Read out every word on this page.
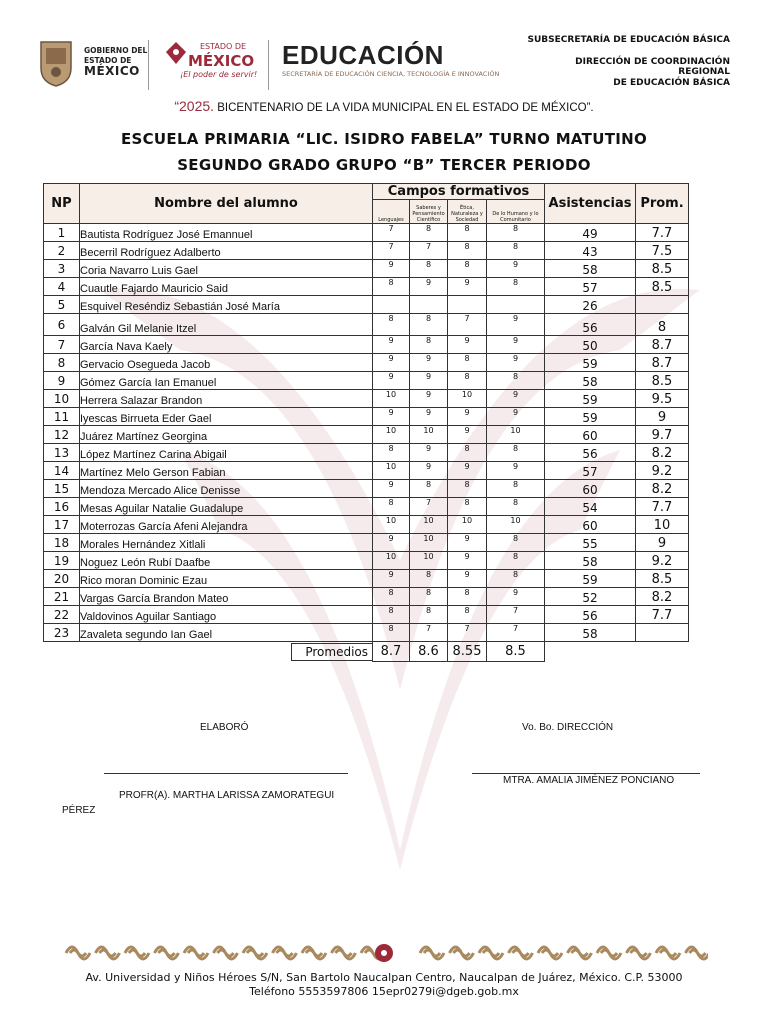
GOBIERNO DEL
ESTADO DE
MÉXICO
ESTADO DE
MÉXICO
¡El poder de servir!
EDUCACIÓN
SECRETARÍA DE EDUCACIÓN CIENCIA, TECNOLOGÍA E INNOVACIÓN
SUBSECRETARÍA DE EDUCACIÓN BÁSICA
DIRECCIÓN DE COORDINACIÓN
REGIONAL
DE EDUCACIÓN BÁSICA
“2025. BICENTENARIO DE LA VIDA MUNICIPAL EN EL ESTADO DE MÉXICO”.
ESCUELA PRIMARIA “LIC. ISIDRO FABELA” TURNO MATUTINO
SEGUNDO GRADO GRUPO “B” TERCER PERIODO
NP	Nombre del alumno	Campos formativos				Asistencias	Prom.
		Lenguajes	Saberes y Pensamiento Científico	Ética, Naturaleza y Sociedad	De lo Humano y lo Comunitario		
1	Bautista Rodríguez José Emannuel	7	8	8	8	49	7.7
2	Becerril Rodríguez Adalberto	7	7	8	8	43	7.5
3	Coria Navarro Luis Gael	9	8	8	9	58	8.5
4	Cuautle Fajardo Mauricio Said	8	9	9	8	57	8.5
5	Esquivel Reséndiz Sebastián José María					26	
6	Galván Gil Melanie Itzel	8	8	7	9	56	8
7	García Nava Kaely	9	8	9	9	50	8.7
8	Gervacio Osegueda Jacob	9	9	8	9	59	8.7
9	Gómez García Ian Emanuel	9	9	8	8	58	8.5
10	Herrera Salazar Brandon	10	9	10	9	59	9.5
11	Iyescas Birrueta Eder Gael	9	9	9	9	59	9
12	Juárez Martínez Georgina	10	10	9	10	60	9.7
13	López Martínez Carina Abigail	8	9	8	8	56	8.2
14	Martínez Melo Gerson Fabian	10	9	9	9	57	9.2
15	Mendoza Mercado Alice Denisse	9	8	8	8	60	8.2
16	Mesas Aguilar Natalie Guadalupe	8	7	8	8	54	7.7
17	Moterrozas García Afeni Alejandra	10	10	10	10	60	10
18	Morales Hernández Xitlali	9	10	9	8	55	9
19	Noguez León Rubí Daafbe	10	10	9	8	58	9.2
20	Rico moran Dominic Ezau	9	8	9	8	59	8.5
21	Vargas García Brandon Mateo	8	8	8	9	52	8.2
22	Valdovinos Aguilar Santiago	8	8	8	7	56	7.7
23	Zavaleta segundo Ian Gael	8	7	7	7	58	
	Promedios	8.7	8.6	8.55	8.5		
ELABORÓ	Vo. Bo. DIRECCIÓN
PROFR(A). MARTHA LARISSA ZAMORATEGUI
PÉREZ
MTRA. AMALIA JIMÉNEZ PONCIANO
Av. Universidad y Niños Héroes S/N, San Bartolo Naucalpan Centro, Naucalpan de Juárez, México. C.P. 53000
Teléfono 5553597806 15epr0279i@dgeb.gob.mx
